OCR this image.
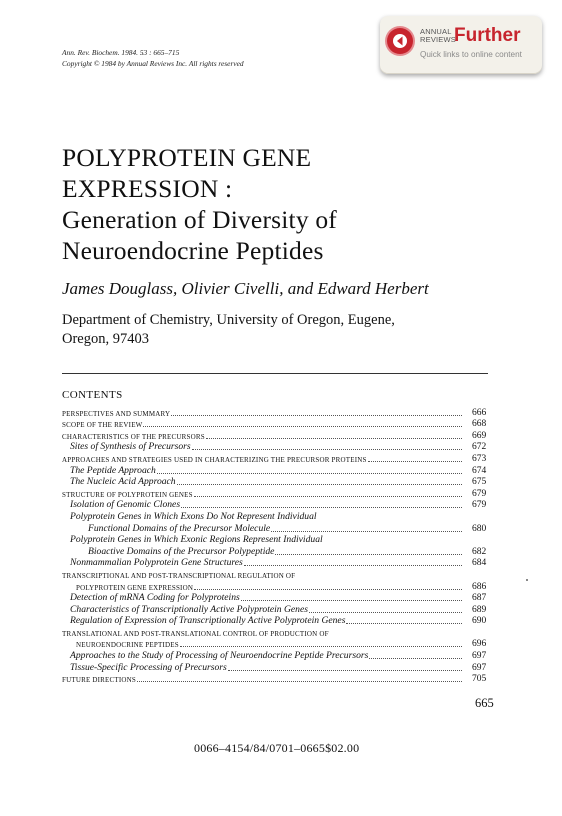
Ann. Rev. Biochem. 1984. 53 : 665–715
Copyright © 1984 by Annual Reviews Inc. All rights reserved
ANNUAL
REVIEWS
Further
Quick links to online content
POLYPROTEIN GENE
EXPRESSION :
Generation of Diversity of
Neuroendocrine Peptides
James Douglass, Olivier Civelli, and Edward Herbert
Department of Chemistry, University of Oregon, Eugene,
Oregon, 97403
CONTENTS
PERSPECTIVES AND SUMMARY	666
SCOPE OF THE REVIEW	668
CHARACTERISTICS OF THE PRECURSORS	669
Sites of Synthesis of Precursors	672
APPROACHES AND STRATEGIES USED IN CHARACTERIZING THE PRECURSOR PROTEINS	673
The Peptide Approach	674
The Nucleic Acid Approach	675
STRUCTURE OF POLYPROTEIN GENES	679
Isolation of Genomic Clones	679
Polyprotein Genes in Which Exons Do Not Represent Individual
Functional Domains of the Precursor Molecule	680
Polyprotein Genes in Which Exonic Regions Represent Individual
Bioactive Domains of the Precursor Polypeptide	682
Nonmammalian Polyprotein Gene Structures	684
TRANSCRIPTIONAL AND POST-TRANSCRIPTIONAL REGULATION OF
POLYPROTEIN GENE EXPRESSION	686
Detection of mRNA Coding for Polyproteins	687
Characteristics of Transcriptionally Active Polyprotein Genes	689
Regulation of Expression of Transcriptionally Active Polyprotein Genes	690
TRANSLATIONAL AND POST-TRANSLATIONAL CONTROL OF PRODUCTION OF
NEUROENDOCRINE PEPTIDES	696
Approaches to the Study of Processing of Neuroendocrine Peptide Precursors	697
Tissue-Specific Processing of Precursors	697
FUTURE DIRECTIONS	705
665
0066–4154/84/0701–0665$02.00
